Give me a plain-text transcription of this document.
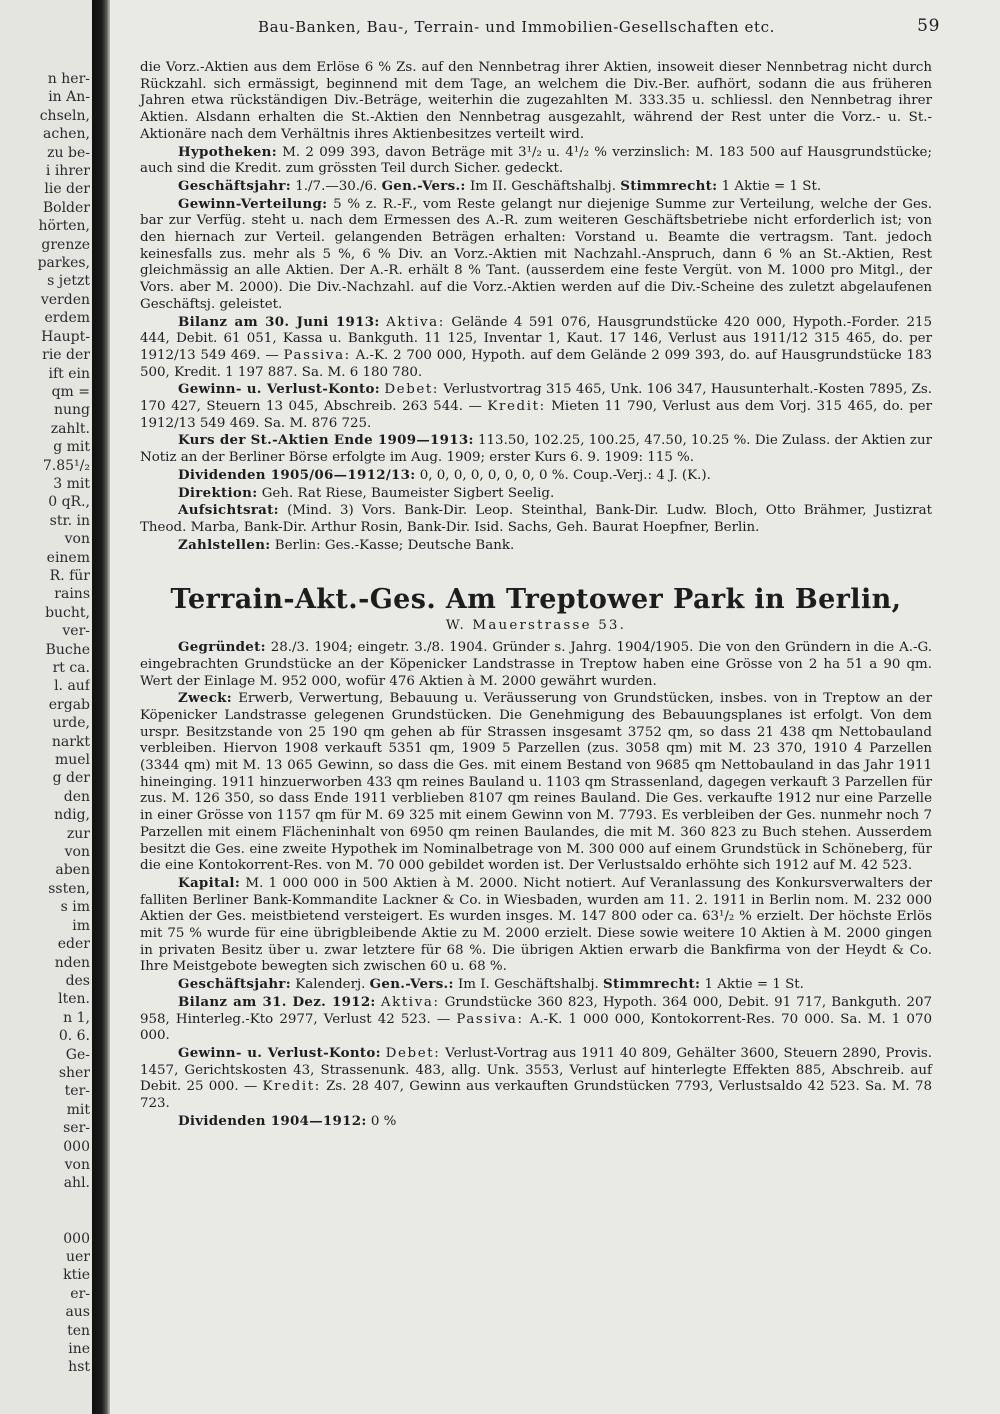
n her-
in An-
chseln,
achen,
zu be-
i ihrer
lie der
Bolder
hörten,
grenze
parkes,
s jetzt
verden
erdem
Haupt-
rie der
ift ein
qm =
nung
zahlt.
g mit
7.85¹/₂
3 mit
0 qR.,
str. in
von
einem
R. für
rains
bucht,
ver-
Buche
rt ca.
l. auf
ergab
urde,
narkt
muel
g der
den
ndig,
zur
von
aben
ssten,
s im
im
eder
nden
des
lten.
n 1,
0. 6.
Ge-
sher
ter-
mit
ser-
000
von
ahl.

000
uer
ktie
er-
aus
ten
ine
hst
Bau-Banken, Bau-, Terrain- und Immobilien-Gesellschaften etc.	59

die Vorz.-Aktien aus dem Erlöse 6 % Zs. auf den Nennbetrag ihrer Aktien, insoweit dieser Nennbetrag nicht durch Rückzahl. sich ermässigt, beginnend mit dem Tage, an welchem die Div.-Ber. aufhört, sodann die aus früheren Jahren etwa rückständigen Div.-Beträge, weiterhin die zugezahlten M. 333.35 u. schliessl. den Nennbetrag ihrer Aktien. Alsdann erhalten die St.-Aktien den Nennbetrag ausgezahlt, während der Rest unter die Vorz.- u. St.-Aktionäre nach dem Verhältnis ihres Aktienbesitzes verteilt wird.

Hypotheken: M. 2 099 393, davon Beträge mit 3¹/₂ u. 4¹/₂ % verzinslich: M. 183 500 auf Hausgrundstücke; auch sind die Kredit. zum grössten Teil durch Sicher. gedeckt.

Geschäftsjahr: 1./7.—30./6. Gen.-Vers.: Im II. Geschäftshalbj. Stimmrecht: 1 Aktie = 1 St.

Gewinn-Verteilung: 5 % z. R.-F., vom Reste gelangt nur diejenige Summe zur Verteilung, welche der Ges. bar zur Verfüg. steht u. nach dem Ermessen des A.-R. zum weiteren Geschäftsbetriebe nicht erforderlich ist; von den hiernach zur Verteil. gelangenden Beträgen erhalten: Vorstand u. Beamte die vertragsm. Tant. jedoch keinesfalls zus. mehr als 5 %, 6 % Div. an Vorz.-Aktien mit Nachzahl.-Anspruch, dann 6 % an St.-Aktien, Rest gleichmässig an alle Aktien. Der A.-R. erhält 8 % Tant. (ausserdem eine feste Vergüt. von M. 1000 pro Mitgl., der Vors. aber M. 2000). Die Div.-Nachzahl. auf die Vorz.-Aktien werden auf die Div.-Scheine des zuletzt abgelaufenen Geschäftsj. geleistet.

Bilanz am 30. Juni 1913: Aktiva: Gelände 4 591 076, Hausgrundstücke 420 000, Hypoth.-Forder. 215 444, Debit. 61 051, Kassa u. Bankguth. 11 125, Inventar 1, Kaut. 17 146, Verlust aus 1911/12 315 465, do. per 1912/13 549 469. — Passiva: A.-K. 2 700 000, Hypoth. auf dem Gelände 2 099 393, do. auf Hausgrundstücke 183 500, Kredit. 1 197 887. Sa. M. 6 180 780.

Gewinn- u. Verlust-Konto: Debet: Verlustvortrag 315 465, Unk. 106 347, Hausunterhalt.-Kosten 7895, Zs. 170 427, Steuern 13 045, Abschreib. 263 544. — Kredit: Mieten 11 790, Verlust aus dem Vorj. 315 465, do. per 1912/13 549 469. Sa. M. 876 725.

Kurs der St.-Aktien Ende 1909—1913: 113.50, 102.25, 100.25, 47.50, 10.25 %. Die Zulass. der Aktien zur Notiz an der Berliner Börse erfolgte im Aug. 1909; erster Kurs 6. 9. 1909: 115 %.

Dividenden 1905/06—1912/13: 0, 0, 0, 0, 0, 0, 0, 0 %. Coup.-Verj.: 4 J. (K.).

Direktion: Geh. Rat Riese, Baumeister Sigbert Seelig.

Aufsichtsrat: (Mind. 3) Vors. Bank-Dir. Leop. Steinthal, Bank-Dir. Ludw. Bloch, Otto Brähmer, Justizrat Theod. Marba, Bank-Dir. Arthur Rosin, Bank-Dir. Isid. Sachs, Geh. Baurat Hoepfner, Berlin.

Zahlstellen: Berlin: Ges.-Kasse; Deutsche Bank.

Terrain-Akt.-Ges. Am Treptower Park in Berlin,
W. Mauerstrasse 53.

Gegründet: 28./3. 1904; eingetr. 3./8. 1904. Gründer s. Jahrg. 1904/1905. Die von den Gründern in die A.-G. eingebrachten Grundstücke an der Köpenicker Landstrasse in Treptow haben eine Grösse von 2 ha 51 a 90 qm. Wert der Einlage M. 952 000, wofür 476 Aktien à M. 2000 gewährt wurden.

Zweck: Erwerb, Verwertung, Bebauung u. Veräusserung von Grundstücken, insbes. von in Treptow an der Köpenicker Landstrasse gelegenen Grundstücken. Die Genehmigung des Bebauungsplanes ist erfolgt. Von dem urspr. Besitzstande von 25 190 qm gehen ab für Strassen insgesamt 3752 qm, so dass 21 438 qm Nettobauland verbleiben. Hiervon 1908 verkauft 5351 qm, 1909 5 Parzellen (zus. 3058 qm) mit M. 23 370, 1910 4 Parzellen (3344 qm) mit M. 13 065 Gewinn, so dass die Ges. mit einem Bestand von 9685 qm Nettobauland in das Jahr 1911 hineinging. 1911 hinzuerworben 433 qm reines Bauland u. 1103 qm Strassenland, dagegen verkauft 3 Parzellen für zus. M. 126 350, so dass Ende 1911 verblieben 8107 qm reines Bauland. Die Ges. verkaufte 1912 nur eine Parzelle in einer Grösse von 1157 qm für M. 69 325 mit einem Gewinn von M. 7793. Es verbleiben der Ges. nunmehr noch 7 Parzellen mit einem Flächeninhalt von 6950 qm reinen Baulandes, die mit M. 360 823 zu Buch stehen. Ausserdem besitzt die Ges. eine zweite Hypothek im Nominalbetrage von M. 300 000 auf einem Grundstück in Schöneberg, für die eine Kontokorrent-Res. von M. 70 000 gebildet worden ist. Der Verlustsaldo erhöhte sich 1912 auf M. 42 523.

Kapital: M. 1 000 000 in 500 Aktien à M. 2000. Nicht notiert. Auf Veranlassung des Konkursverwalters der falliten Berliner Bank-Kommandite Lackner & Co. in Wiesbaden, wurden am 11. 2. 1911 in Berlin nom. M. 232 000 Aktien der Ges. meistbietend versteigert. Es wurden insges. M. 147 800 oder ca. 63¹/₂ % erzielt. Der höchste Erlös mit 75 % wurde für eine übrigbleibende Aktie zu M. 2000 erzielt. Diese sowie weitere 10 Aktien à M. 2000 gingen in privaten Besitz über u. zwar letztere für 68 %. Die übrigen Aktien erwarb die Bankfirma von der Heydt & Co. Ihre Meistgebote bewegten sich zwischen 60 u. 68 %.

Geschäftsjahr: Kalenderj. Gen.-Vers.: Im I. Geschäftshalbj. Stimmrecht: 1 Aktie = 1 St.

Bilanz am 31. Dez. 1912: Aktiva: Grundstücke 360 823, Hypoth. 364 000, Debit. 91 717, Bankguth. 207 958, Hinterleg.-Kto 2977, Verlust 42 523. — Passiva: A.-K. 1 000 000, Kontokorrent-Res. 70 000. Sa. M. 1 070 000.

Gewinn- u. Verlust-Konto: Debet: Verlust-Vortrag aus 1911 40 809, Gehälter 3600, Steuern 2890, Provis. 1457, Gerichtskosten 43, Strassenunk. 483, allg. Unk. 3553, Verlust auf hinterlegte Effekten 885, Abschreib. auf Debit. 25 000. — Kredit: Zs. 28 407, Gewinn aus verkauften Grundstücken 7793, Verlustsaldo 42 523. Sa. M. 78 723.

Dividenden 1904—1912: 0 %
